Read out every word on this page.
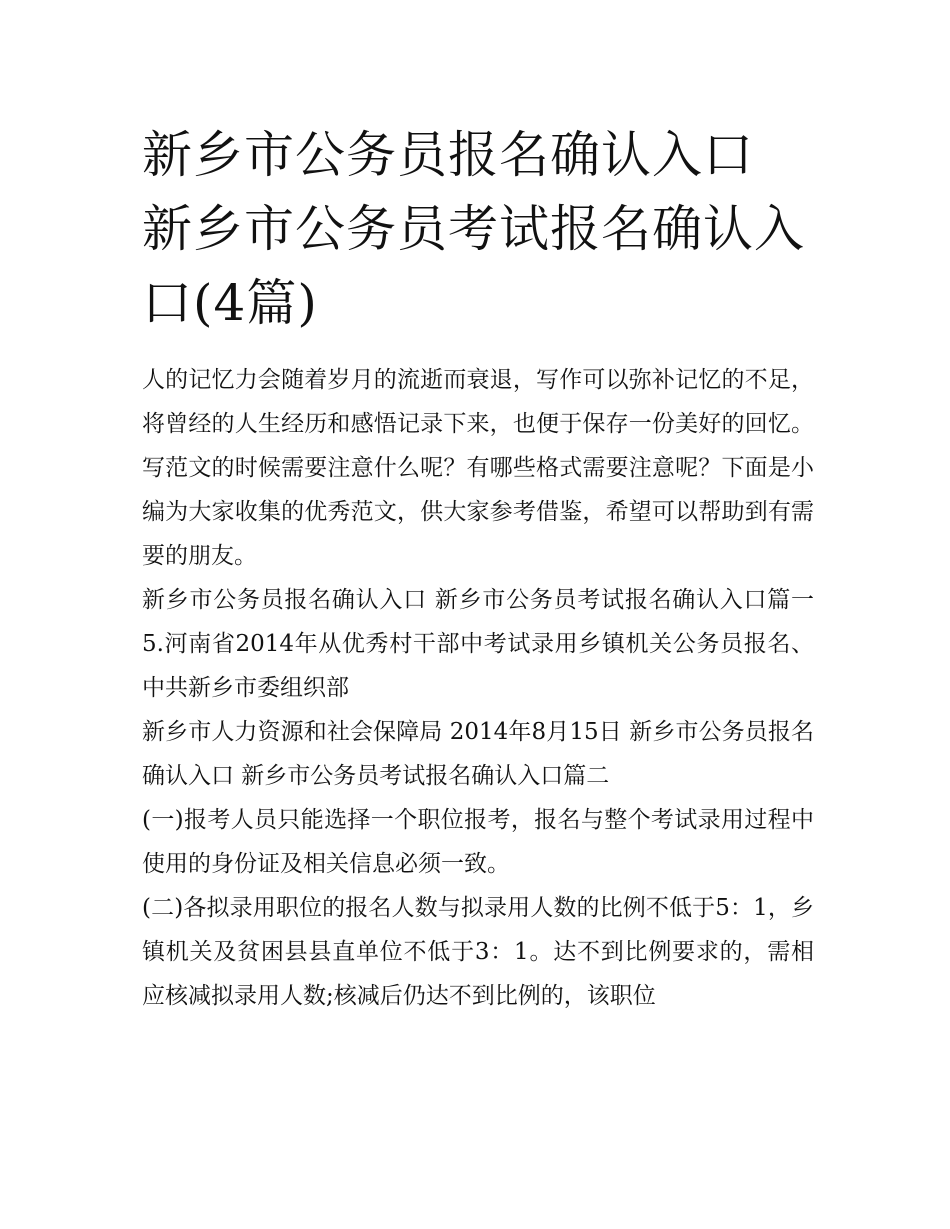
新乡市公务员报名确认入口 新乡市公务员考试报名确认入口(4篇)

人的记忆力会随着岁月的流逝而衰退，写作可以弥补记忆的不足，将曾经的人生经历和感悟记录下来，也便于保存一份美好的回忆。写范文的时候需要注意什么呢？有哪些格式需要注意呢？下面是小编为大家收集的优秀范文，供大家参考借鉴，希望可以帮助到有需要的朋友。

新乡市公务员报名确认入口 新乡市公务员考试报名确认入口篇一 5.河南省2014年从优秀村干部中考试录用乡镇机关公务员报名、 中共新乡市委组织部

新乡市人力资源和社会保障局 2014年8月15日 新乡市公务员报名确认入口 新乡市公务员考试报名确认入口篇二

(一)报考人员只能选择一个职位报考，报名与整个考试录用过程中使用的身份证及相关信息必须一致。

(二)各拟录用职位的报名人数与拟录用人数的比例不低于5：1，乡镇机关及贫困县县直单位不低于3：1。达不到比例要求的，需相应核减拟录用人数;核减后仍达不到比例的，该职位
